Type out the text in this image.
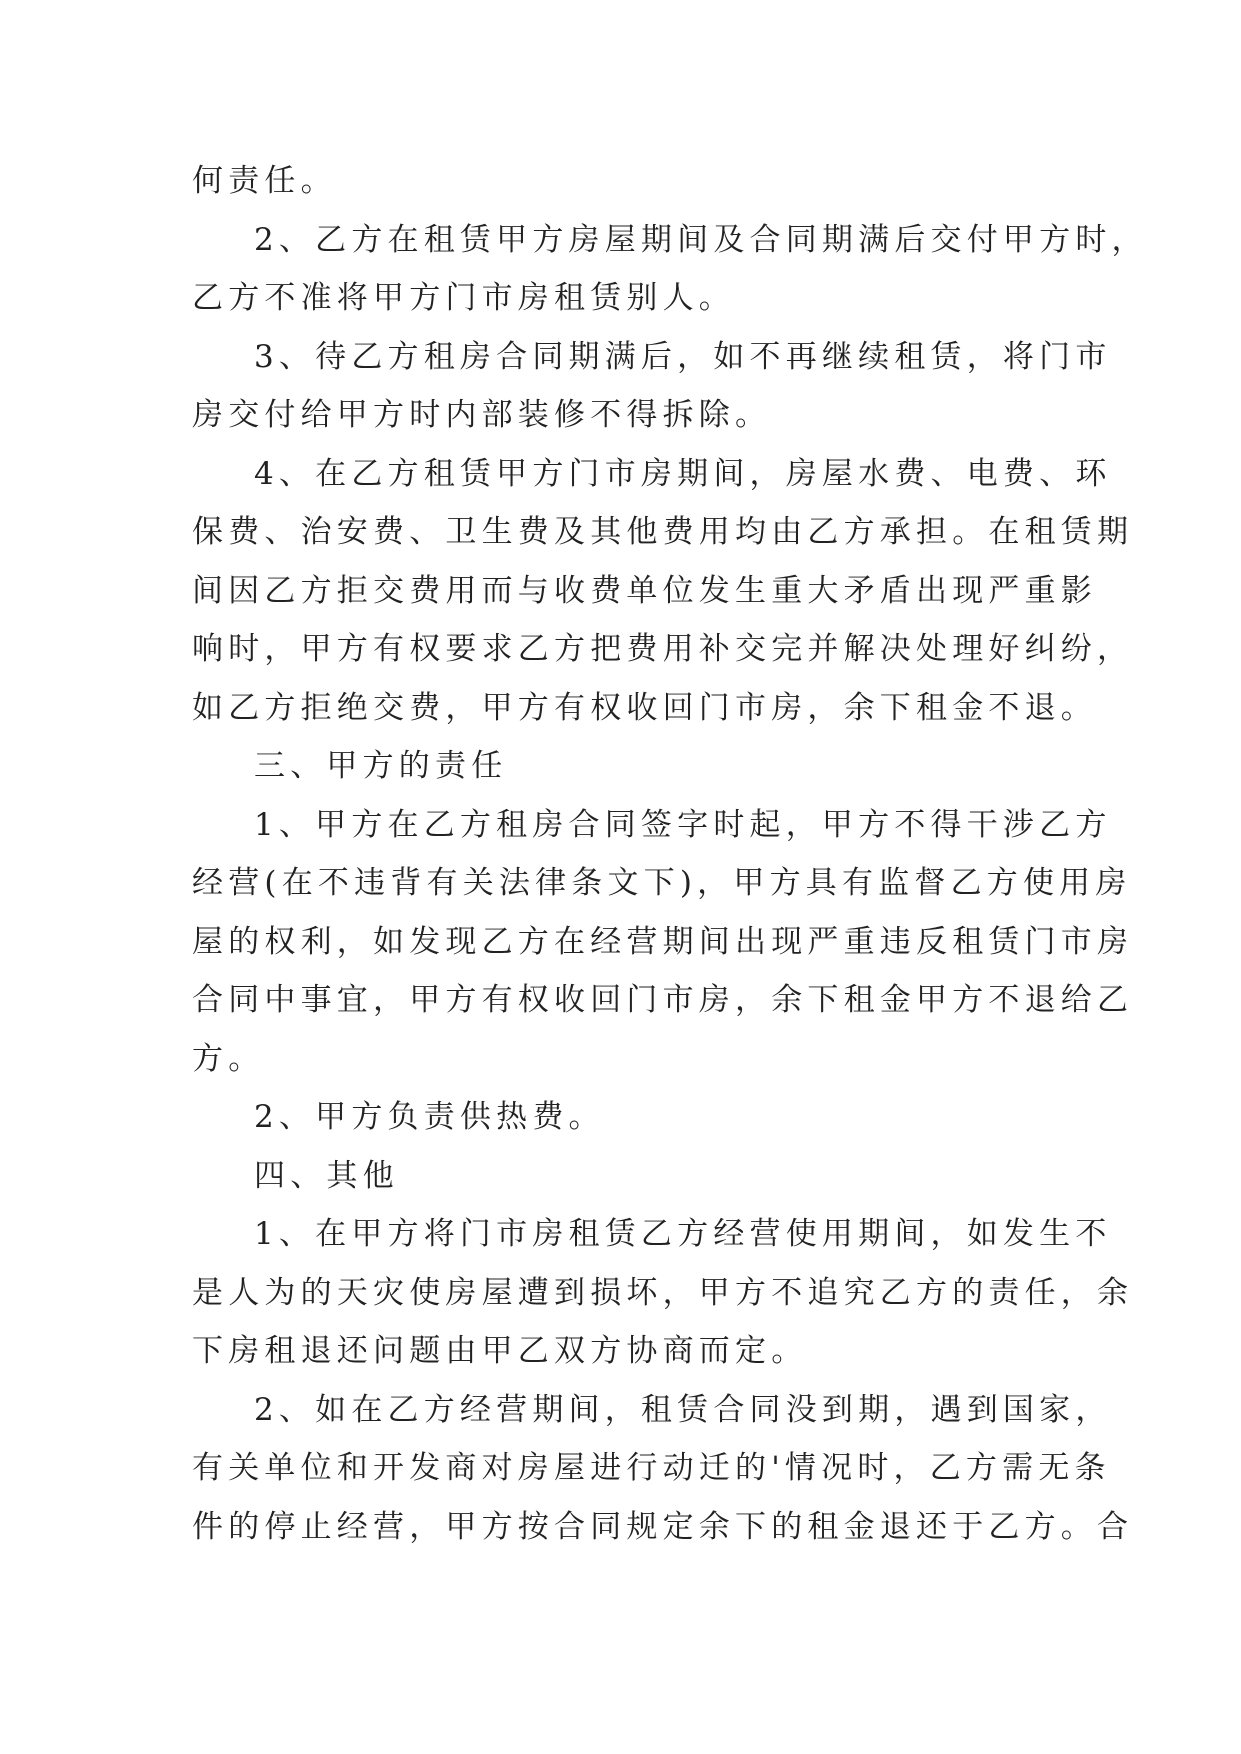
何责任。
2、乙方在租赁甲方房屋期间及合同期满后交付甲方时，
乙方不准将甲方门市房租赁别人。
3、待乙方租房合同期满后，如不再继续租赁，将门市
房交付给甲方时内部装修不得拆除。
4、在乙方租赁甲方门市房期间，房屋水费、电费、环
保费、治安费、卫生费及其他费用均由乙方承担。在租赁期
间因乙方拒交费用而与收费单位发生重大矛盾出现严重影
响时，甲方有权要求乙方把费用补交完并解决处理好纠纷，
如乙方拒绝交费，甲方有权收回门市房，余下租金不退。
三、甲方的责任
1、甲方在乙方租房合同签字时起，甲方不得干涉乙方
经营(在不违背有关法律条文下)，甲方具有监督乙方使用房
屋的权利，如发现乙方在经营期间出现严重违反租赁门市房
合同中事宜，甲方有权收回门市房，余下租金甲方不退给乙
方。
2、甲方负责供热费。
四、其他
1、在甲方将门市房租赁乙方经营使用期间，如发生不
是人为的天灾使房屋遭到损坏，甲方不追究乙方的责任，余
下房租退还问题由甲乙双方协商而定。
2、如在乙方经营期间，租赁合同没到期，遇到国家，
有关单位和开发商对房屋进行动迁的'情况时，乙方需无条
件的停止经营，甲方按合同规定余下的租金退还于乙方。合
